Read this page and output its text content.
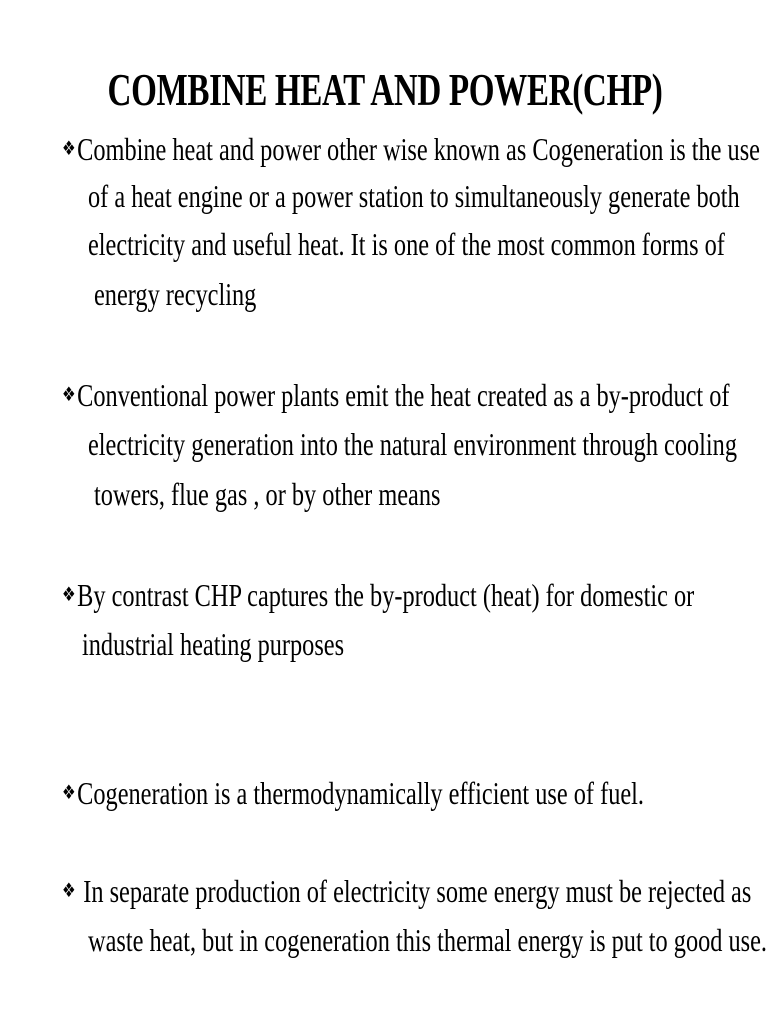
COMBINE HEAT AND POWER(CHP)
❖Combine heat and power other wise known as Cogeneration is the use
of a heat engine or a power station to simultaneously generate both
electricity and useful heat. It is one of the most common forms of
energy recycling
❖Conventional power plants emit the heat created as a by-product of
electricity generation into the natural environment through cooling
towers, flue gas , or by other means
❖By contrast CHP captures the by-product (heat) for domestic or
industrial heating purposes
❖Cogeneration is a thermodynamically efficient use of fuel.
❖ In separate production of electricity some energy must be rejected as
waste heat, but in cogeneration this thermal energy is put to good use.
